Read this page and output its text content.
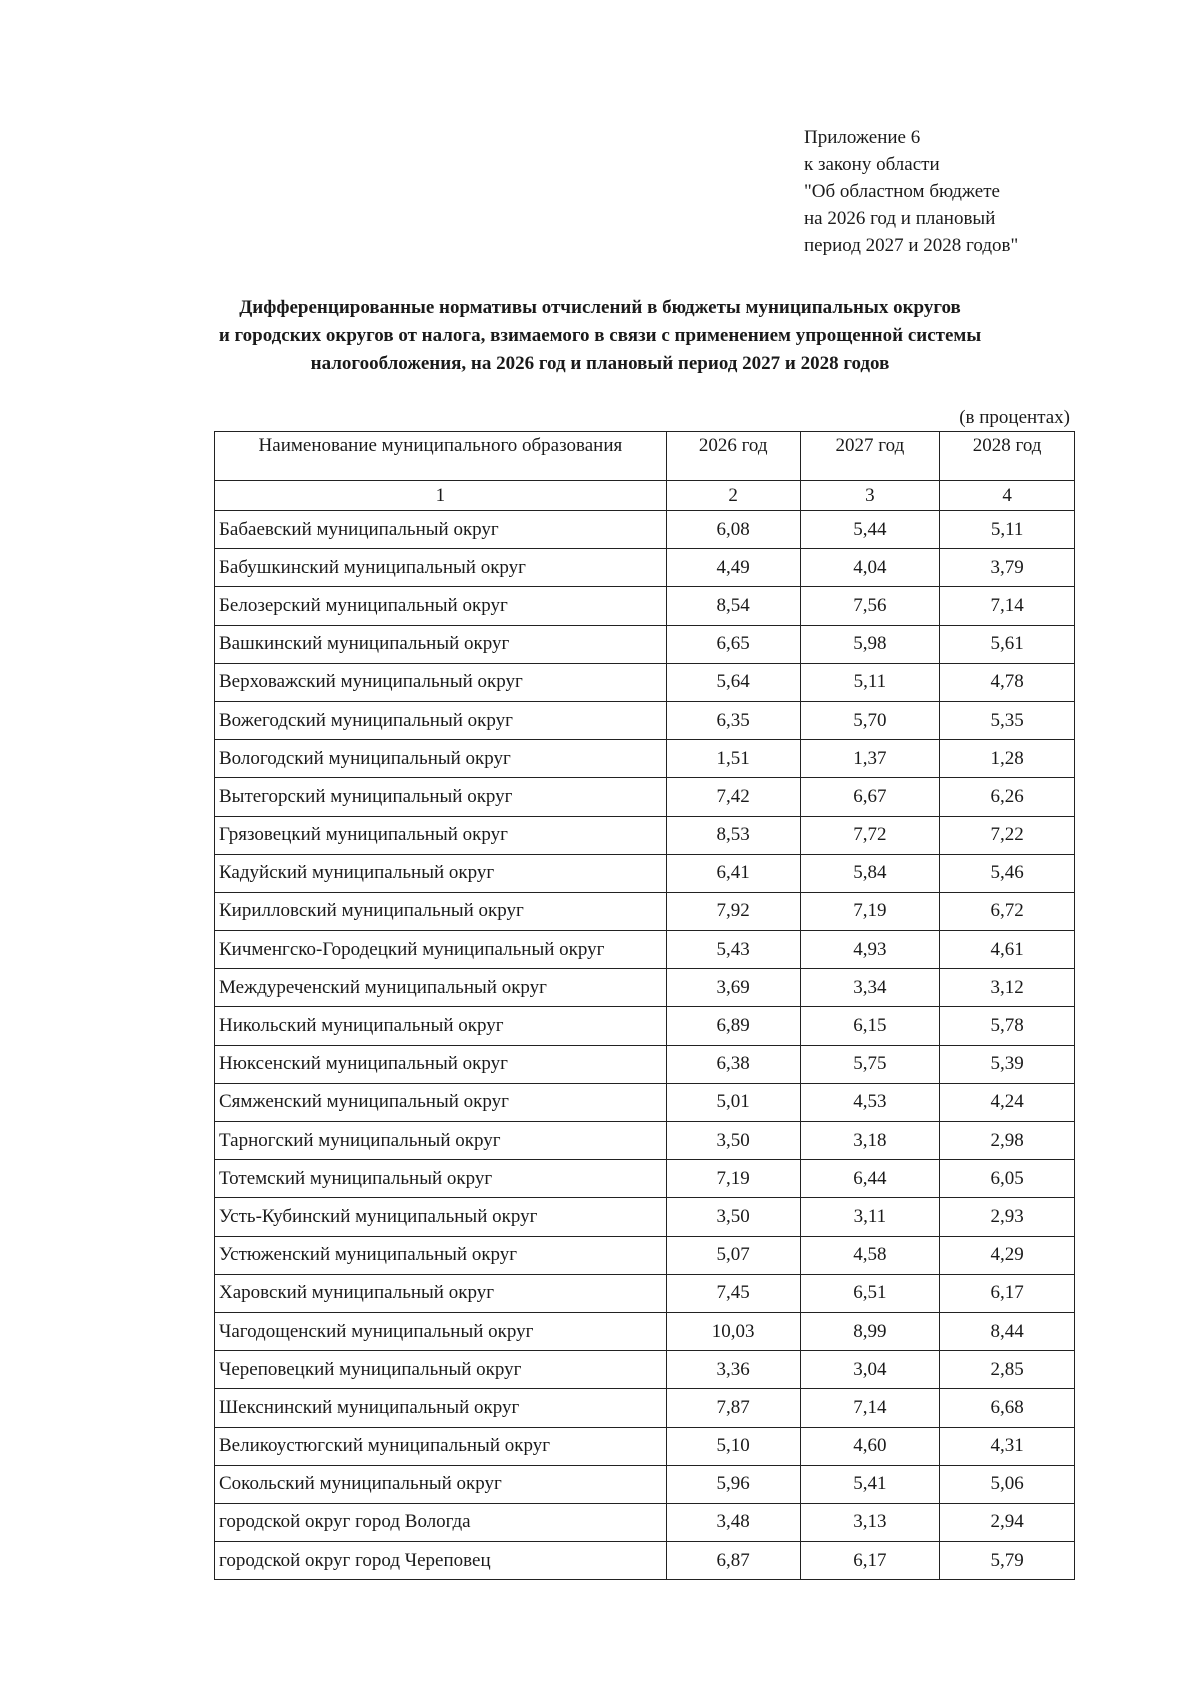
Приложение 6
к закону области
"Об областном бюджете
на 2026 год и плановый
период 2027 и 2028 годов"
Дифференцированные нормативы отчислений в бюджеты муниципальных округов
и городских округов от налога, взимаемого в связи с применением упрощенной системы
налогообложения, на 2026 год и плановый период 2027 и 2028 годов
(в процентах)
Наименование муниципального образования	2026 год	2027 год	2028 год
1	2	3	4
Бабаевский муниципальный округ	6,08	5,44	5,11
Бабушкинский муниципальный округ	4,49	4,04	3,79
Белозерский муниципальный округ	8,54	7,56	7,14
Вашкинский муниципальный округ	6,65	5,98	5,61
Верховажский муниципальный округ	5,64	5,11	4,78
Вожегодский муниципальный округ	6,35	5,70	5,35
Вологодский муниципальный округ	1,51	1,37	1,28
Вытегорский муниципальный округ	7,42	6,67	6,26
Грязовецкий муниципальный округ	8,53	7,72	7,22
Кадуйский муниципальный округ	6,41	5,84	5,46
Кирилловский муниципальный округ	7,92	7,19	6,72
Кичменгско-Городецкий муниципальный округ	5,43	4,93	4,61
Междуреченский муниципальный округ	3,69	3,34	3,12
Никольский муниципальный округ	6,89	6,15	5,78
Нюксенский муниципальный округ	6,38	5,75	5,39
Сямженский муниципальный округ	5,01	4,53	4,24
Тарногский муниципальный округ	3,50	3,18	2,98
Тотемский муниципальный округ	7,19	6,44	6,05
Усть-Кубинский муниципальный округ	3,50	3,11	2,93
Устюженский муниципальный округ	5,07	4,58	4,29
Харовский муниципальный округ	7,45	6,51	6,17
Чагодощенский муниципальный округ	10,03	8,99	8,44
Череповецкий муниципальный округ	3,36	3,04	2,85
Шекснинский муниципальный округ	7,87	7,14	6,68
Великоустюгский муниципальный округ	5,10	4,60	4,31
Сокольский муниципальный округ	5,96	5,41	5,06
городской округ город Вологда	3,48	3,13	2,94
городской округ город Череповец	6,87	6,17	5,79
